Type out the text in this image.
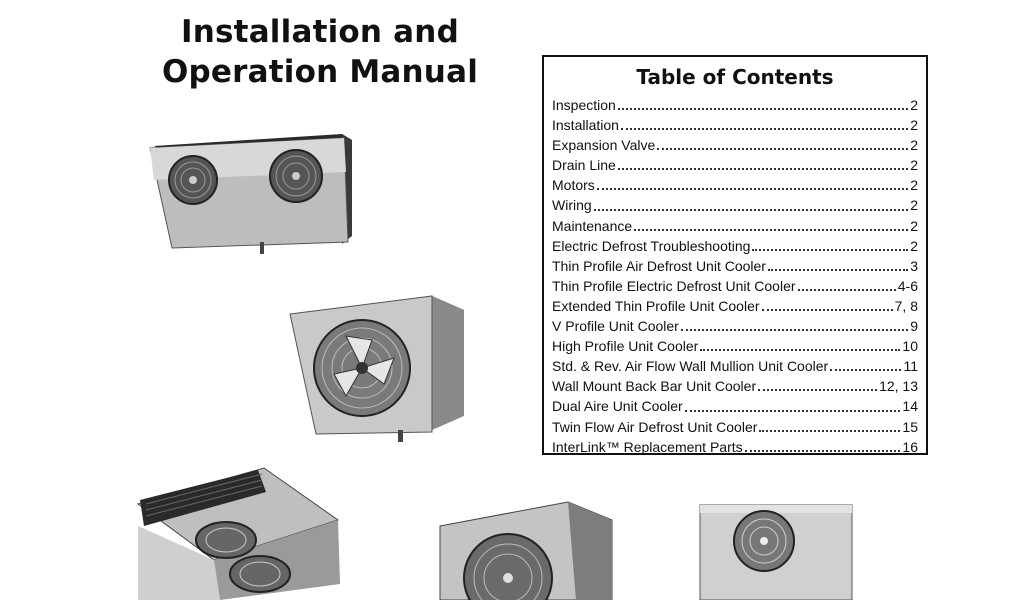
Installation and
Operation Manual	Table of Contents
Inspection	2
Installation	2
Expansion Valve	2
Drain Line	2
Motors	2
Wiring	2
Maintenance	2
Electric Defrost Troubleshooting	2
Thin Profile Air Defrost Unit Cooler	3
Thin Profile Electric Defrost Unit Cooler	4-6
Extended Thin Profile Unit Cooler	7, 8
V Profile Unit Cooler	9
High Profile Unit Cooler	10
Std. & Rev. Air Flow Wall Mullion Unit Cooler	11
Wall Mount Back Bar Unit Cooler	12, 13
Dual Aire Unit Cooler	14
Twin Flow Air Defrost Unit Cooler	15
InterLink™ Replacement Parts	16
